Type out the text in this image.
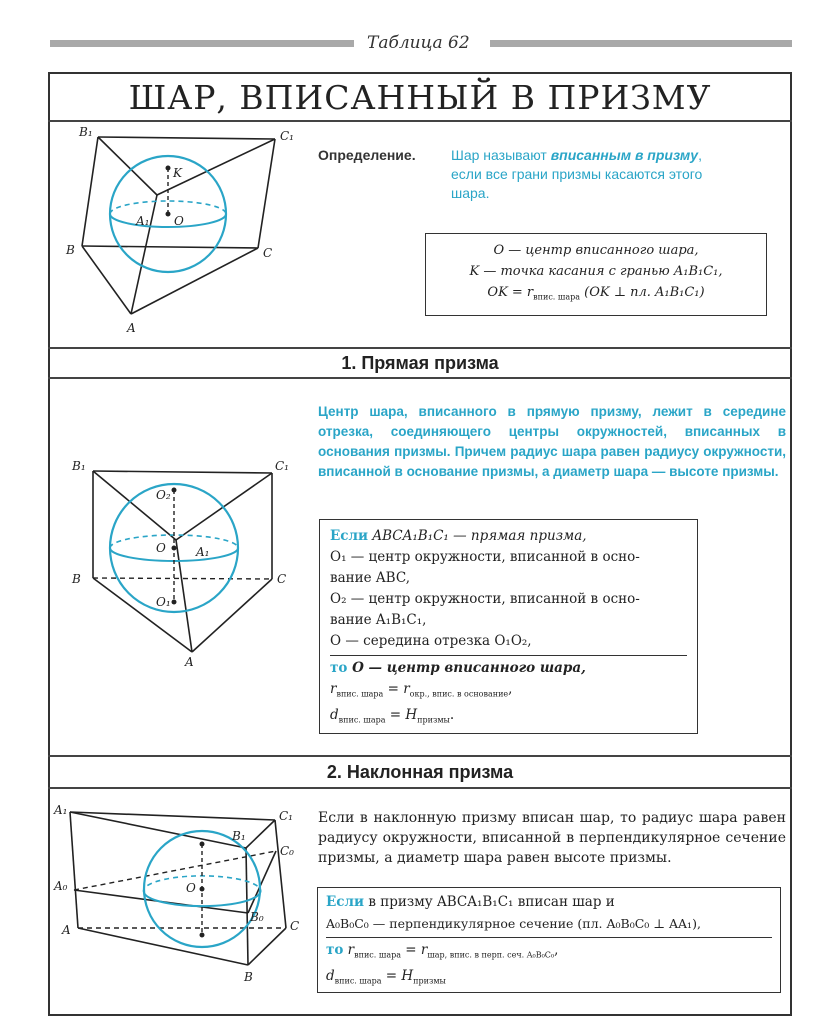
Таблица 62
ШАР, ВПИСАННЫЙ В ПРИЗМУ
B₁	C₁
K
A₁ O
B	C
A
Определение.	Шар называют вписанным в призму,
если все грани призмы касаются этого
шара.
O — центр вписанного шара,
K — точка касания с гранью A₁B₁C₁,
OK = $r_{впис. шара}$ (OK ⊥ пл. A₁B₁C₁)
1. Прямая призма
Центр шара, вписанного в прямую призму, лежит в середине отрезка, соединяющего центры окружностей, вписанных в основания призмы. Причем радиус шара равен радиусу окружности, вписанной в основание призмы, а диаметр шара — высоте призмы.
B₁	C₁
O₂
O	A₁
B	C
O₁
A
Если ABCA₁B₁C₁ — прямая призма,
O₁ — центр окружности, вписанной в осно-
вание ABC,
O₂ — центр окружности, вписанной в осно-
вание A₁B₁C₁,
O — середина отрезка O₁O₂,
то O — центр вписанного шара,
$r_{впис. шара} = r_{окр., впис. в основание}$,
$d_{впис. шара} = H_{призмы}$.
2. Наклонная призма
A₁
B₁
C₁
C₀
A₀	O
B₀
A	C
B
Если в наклонную призму вписан шар, то радиус шара равен радиусу окружности, вписанной в перпендикулярное сечение призмы, а диаметр шара равен высоте призмы.
Если в призму ABCA₁B₁C₁ вписан шар и
A₀B₀C₀ — перпендикулярное сечение (пл. A₀B₀C₀ ⊥ AA₁),
то $r_{впис. шара} = r_{шар, впис. в перп. сеч. A_0B_0C_0}$,
$d_{впис. шара} = H_{призмы}$
